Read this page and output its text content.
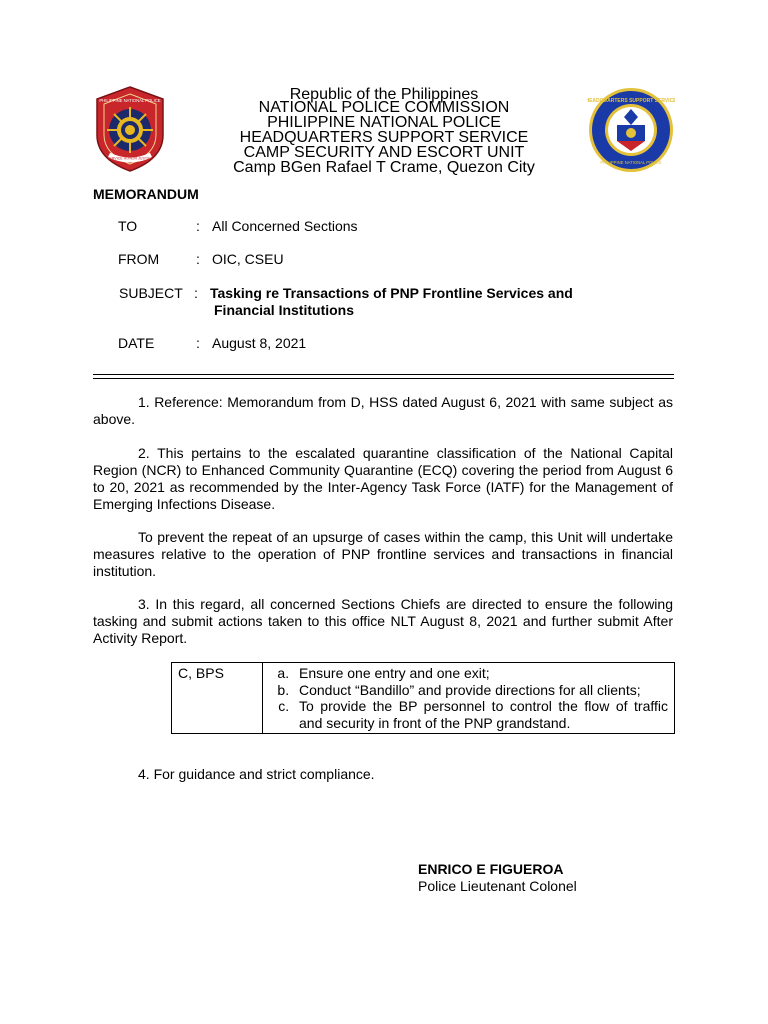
PHILIPPINE NATIONAL POLICE
SERVICE HONOR JUSTICE
HEADQUARTERS SUPPORT SERVICE
PHILIPPINE NATIONAL POLICE
Republic of the Philippines
NATIONAL POLICE COMMISSION
PHILIPPINE NATIONAL POLICE
HEADQUARTERS SUPPORT SERVICE
CAMP SECURITY AND ESCORT UNIT
Camp BGen Rafael T Crame, Quezon City
MEMORANDUM
TO	: All Concerned Sections
FROM	: OIC, CSEU
SUBJECT : Tasking re Transactions of PNP Frontline Services and
Financial Institutions
DATE	: August 8, 2021
1. Reference: Memorandum from D, HSS dated August 6, 2021 with same subject as above.
2. This pertains to the escalated quarantine classification of the National Capital Region (NCR) to Enhanced Community Quarantine (ECQ) covering the period from August 6 to 20, 2021 as recommended by the Inter-Agency Task Force (IATF) for the Management of Emerging Infections Disease.
To prevent the repeat of an upsurge of cases within the camp, this Unit will undertake measures relative to the operation of PNP frontline services and transactions in financial institution.
3. In this regard, all concerned Sections Chiefs are directed to ensure the following tasking and submit actions taken to this office NLT August 8, 2021 and further submit After Activity Report.
C, BPS	
a.Ensure one entry and one exit;
b. Conduct “Bandillo” and provide directions for all clients;
c. To provide the BP personnel to control the flow of traffic and security in front of the PNP grandstand.
4. For guidance and strict compliance.
ENRICO E FIGUEROA
Police Lieutenant Colonel
